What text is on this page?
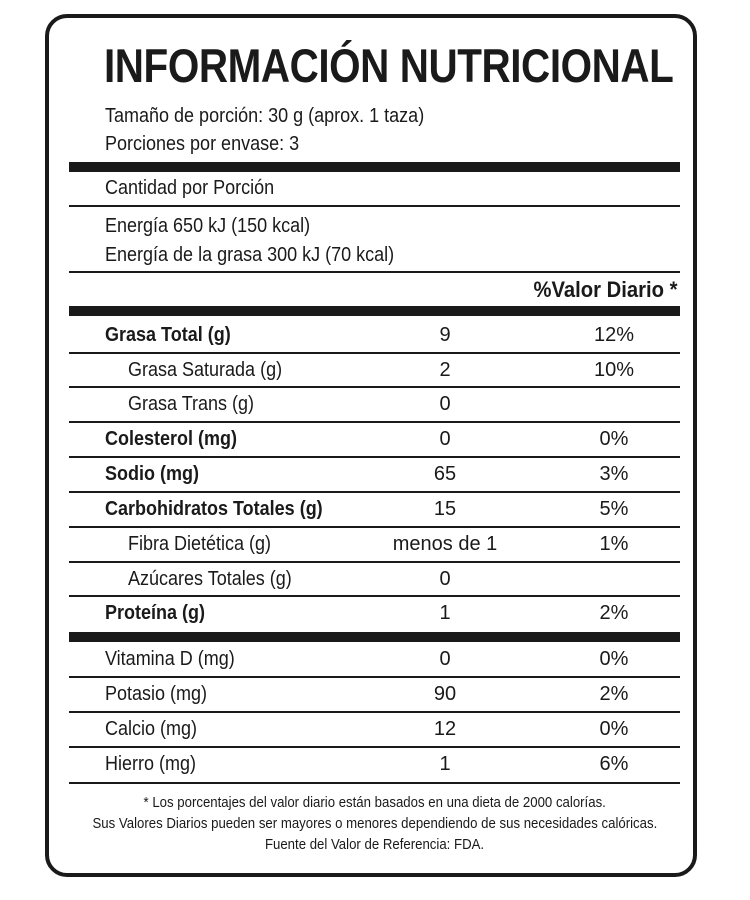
INFORMACIÓN NUTRICIONAL
Tamaño de porción: 30 g (aprox. 1 taza)
Porciones por envase: 3
Cantidad por Porción
Energía 650 kJ (150 kcal)
Energía de la grasa 300 kJ (70 kcal)
%Valor Diario *
Grasa Total (g)	9	12%
Grasa Saturada (g)	2	10%
Grasa Trans (g)	0
Colesterol (mg)	0	0%
Sodio (mg)	65	3%
Carbohidratos Totales (g)	15	5%
Fibra Dietética (g)	menos de 1	1%
Azúcares Totales (g)	0
Proteína (g)	1	2%
Vitamina D (mg)	0	0%
Potasio (mg)	90	2%
Calcio (mg)	12	0%
Hierro (mg)	1	6%
* Los porcentajes del valor diario están basados en una dieta de 2000 calorías.
Sus Valores Diarios pueden ser mayores o menores dependiendo de sus necesidades calóricas.
Fuente del Valor de Referencia: FDA.
